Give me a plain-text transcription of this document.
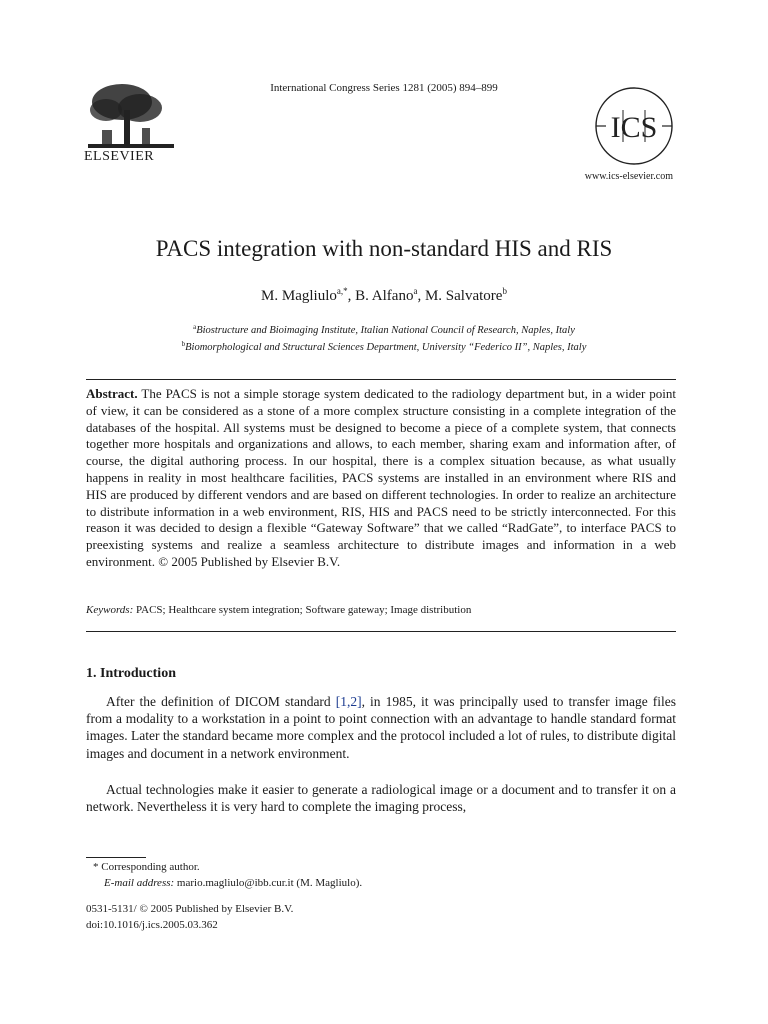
ELSEVIER
International Congress Series 1281 (2005) 894–899
ICS
www.ics-elsevier.com
PACS integration with non-standard HIS and RIS
M. Magliulo$^{a,*}$, B. Alfano$^a$, M. Salvatore$^b$
$^a$Biostructure and Bioimaging Institute, Italian National Council of Research, Naples, Italy
$^b$Biomorphological and Structural Sciences Department, University “Federico II”, Naples, Italy
Abstract. The PACS is not a simple storage system dedicated to the radiology department but, in a wider point of view, it can be considered as a stone of a more complex structure consisting in a complete integration of the databases of the hospital. All systems must be designed to become a piece of a complete system, that connects together more hospitals and organizations and allows, to each member, sharing exam and information after, of course, the digital authoring process. In our hospital, there is a complex situation because, as what usually happens in reality in most healthcare facilities, PACS systems are installed in an environment where RIS and HIS are produced by different vendors and are based on different technologies. In order to realize an architecture to distribute information in a web environment, RIS, HIS and PACS need to be strictly interconnected. For this reason it was decided to design a flexible “Gateway Software” that we called “RadGate”, to interface PACS to preexisting systems and realize a seamless architecture to distribute images and information in a web environment. © 2005 Published by Elsevier B.V.
Keywords: PACS; Healthcare system integration; Software gateway; Image distribution
1. Introduction

After the definition of DICOM standard [1,2], in 1985, it was principally used to transfer image files from a modality to a workstation in a point to point connection with an advantage to handle standard format images. Later the standard became more complex and the protocol included a lot of rules, to distribute digital images and document in a network environment.

Actual technologies make it easier to generate a radiological image or a document and to transfer it on a network. Nevertheless it is very hard to complete the imaging process,

* Corresponding author.
E-mail address: mario.magliulo@ibb.cur.it (M. Magliulo).
0531-5131/ © 2005 Published by Elsevier B.V.
doi:10.1016/j.ics.2005.03.362
